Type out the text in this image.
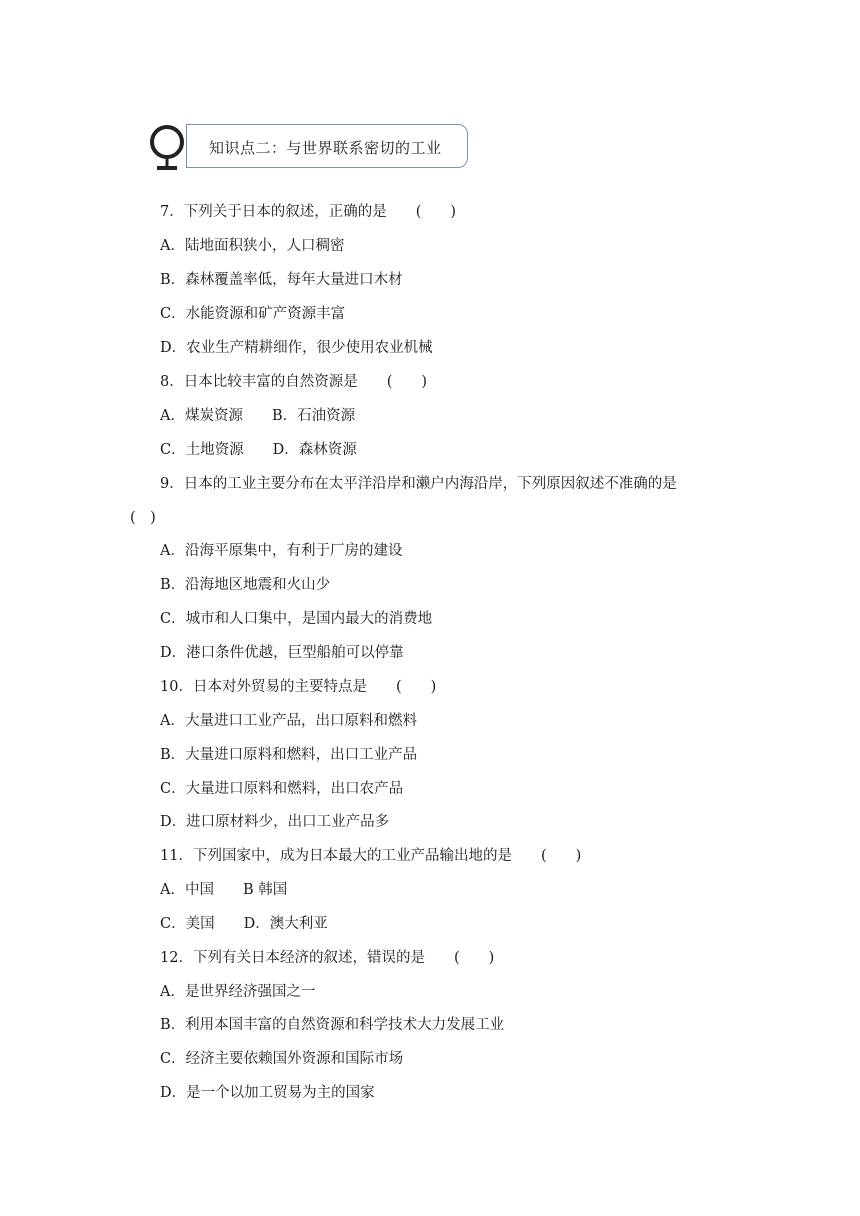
知识点二：与世界联系密切的工业
7．下列关于日本的叙述，正确的是　　(　　)
A．陆地面积狭小，人口稠密
B．森林覆盖率低，每年大量进口木材
C．水能资源和矿产资源丰富
D．农业生产精耕细作，很少使用农业机械
8．日本比较丰富的自然资源是　　(　　)
A．煤炭资源　　B．石油资源
C．土地资源　　D．森林资源
9．日本的工业主要分布在太平洋沿岸和濑户内海沿岸，下列原因叙述不准确的是
(　)
A．沿海平原集中，有利于厂房的建设
B．沿海地区地震和火山少
C．城市和人口集中，是国内最大的消费地
D．港口条件优越，巨型船舶可以停靠
10．日本对外贸易的主要特点是　　(　　)
A．大量进口工业产品，出口原料和燃料
B．大量进口原料和燃料，出口工业产品
C．大量进口原料和燃料，出口农产品
D．进口原材料少，出口工业产品多
11．下列国家中，成为日本最大的工业产品输出地的是　　(　　)
A．中国　　B 韩国
C．美国　　D．澳大利亚
12．下列有关日本经济的叙述，错误的是　　(　　)
A．是世界经济强国之一
B．利用本国丰富的自然资源和科学技术大力发展工业
C．经济主要依赖国外资源和国际市场
D．是一个以加工贸易为主的国家
